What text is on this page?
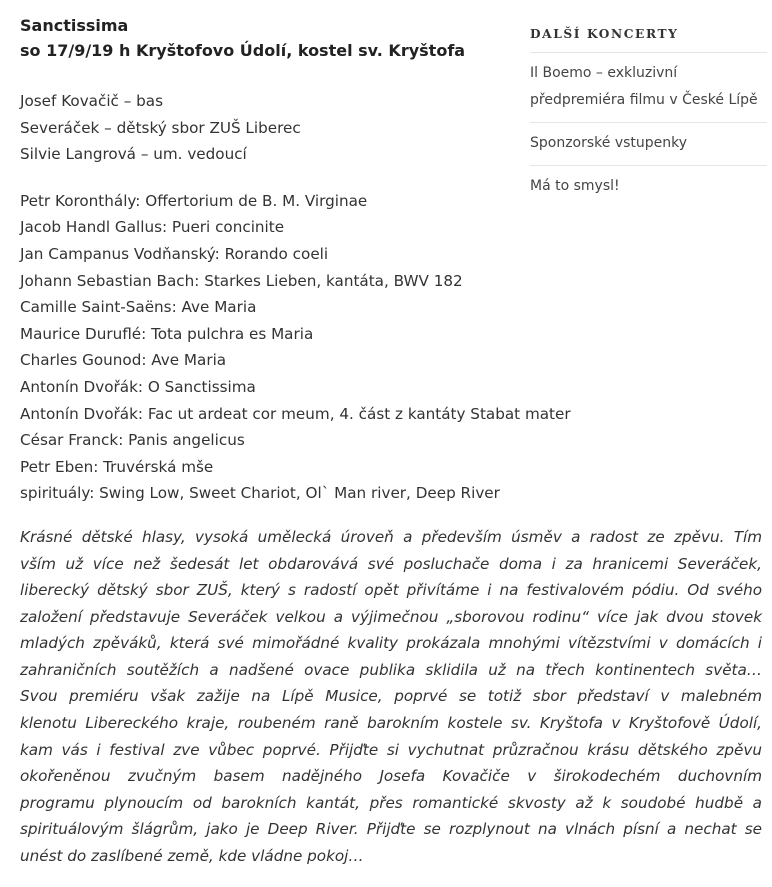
Sanctissima

so 17/9/19 h Kryštofovo Údolí, kostel sv. Kryštofa

Josef Kovačič – bas
Severáček – dětský sbor ZUŠ Liberec
Silvie Langrová – um. vedoucí

Petr Koronthály: Offertorium de B. M. Virginae
Jacob Handl Gallus: Pueri concinite
Jan Campanus Vodňanský: Rorando coeli
Johann Sebastian Bach: Starkes Lieben, kantáta, BWV 182
Camille Saint-Saëns: Ave Maria
Maurice Duruflé: Tota pulchra es Maria
Charles Gounod: Ave Maria
Antonín Dvořák: O Sanctissima
Antonín Dvořák: Fac ut ardeat cor meum, 4. část z kantáty Stabat mater
César Franck: Panis angelicus
Petr Eben: Truvérská mše
spirituály: Swing Low, Sweet Chariot, Olˋ Man river, Deep River

Krásné dětské hlasy, vysoká umělecká úroveň a především úsměv a radost ze zpěvu. Tím
vším už více než šedesát let obdarovává své posluchače doma i za hranicemi Severáček,
liberecký dětský sbor ZUŠ, který s radostí opět přivítáme i na festivalovém pódiu. Od svého
založení představuje Severáček velkou a výjimečnou „sborovou rodinu“ více jak dvou stovek
mladých zpěváků, která své mimořádné kvality prokázala mnohými vítězstvími v domácích i
zahraničních soutěžích a nadšené ovace publika sklidila už na třech kontinentech světa…
Svou premiéru však zažije na Lípě Musice, poprvé se totiž sbor představí v malebném
klenotu Libereckého kraje, roubeném raně barokním kostele sv. Kryštofa v Kryštofově Údolí,
kam vás i festival zve vůbec poprvé. Přijďte si vychutnat průzračnou krásu dětského zpěvu
okořeněnou zvučným basem nadějného Josefa Kovačiče v širokodechém duchovním
programu plynoucím od barokních kantát, přes romantické skvosty až k soudobé hudbě a
spirituálovým šlágrům, jako je Deep River. Přijďte se rozplynout na vlnách písní a nechat se
unést do zaslíbené země, kde vládne pokoj…

DALŠÍ KONCERTY
Il Boemo – exkluzivní předpremiéra filmu v České Lípě
Sponzorské vstupenky
Má to smysl!
